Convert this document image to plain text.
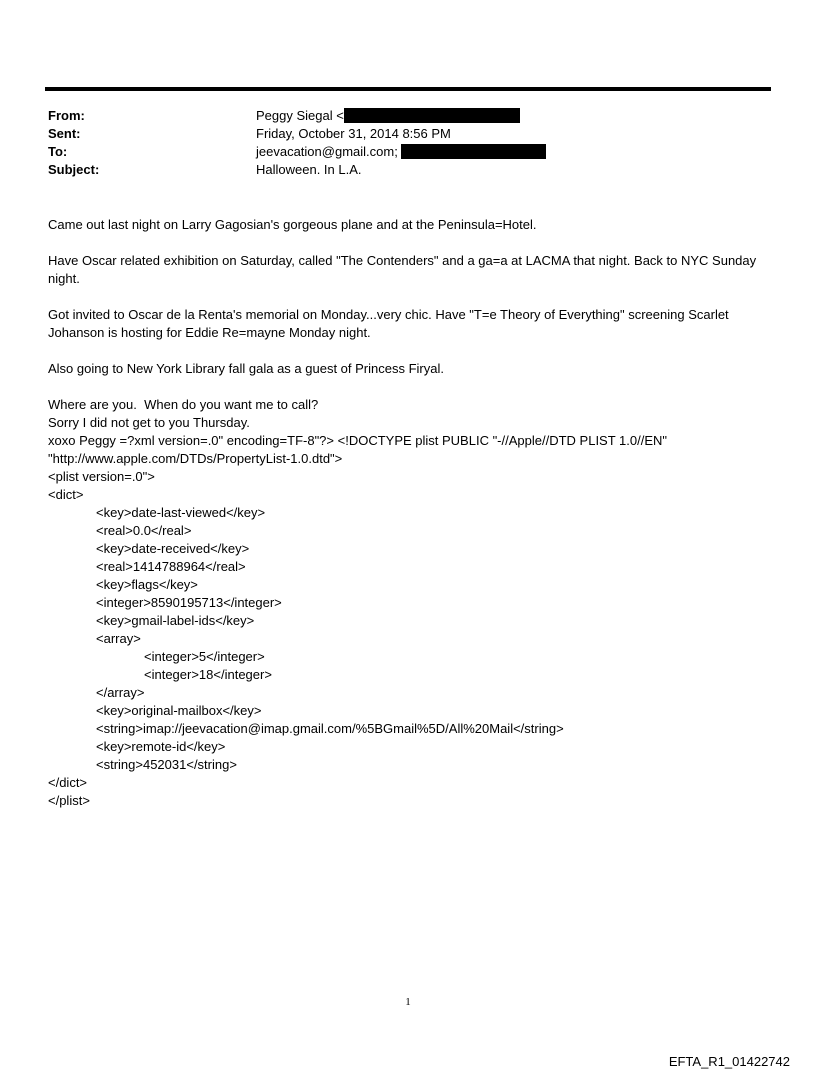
From:	Peggy Siegal <
Sent:	Friday, October 31, 2014 8:56 PM
To:	jeevacation@gmail.com;
Subject:	Halloween. In L.A.

Came out last night on Larry Gagosian's gorgeous plane and at the Peninsula=Hotel.

Have Oscar related exhibition on Saturday, called "The Contenders" and a ga=a at LACMA that night. Back to NYC Sunday night.

Got invited to Oscar de la Renta's memorial on Monday...very chic. Have "T=e Theory of Everything" screening Scarlet Johanson is hosting for Eddie Re=mayne Monday night.

Also going to New York Library fall gala as a guest of Princess Firyal.

Where are you.  When do you want me to call?
Sorry I did not get to you Thursday.
xoxo Peggy =?xml version=.0" encoding=TF-8"?> <!DOCTYPE plist PUBLIC "-//Apple//DTD PLIST 1.0//EN"
"http://www.apple.com/DTDs/PropertyList-1.0.dtd">
<plist version=.0">
<dict>
<key>date-last-viewed</key>
<real>0.0</real>
<key>date-received</key>
<real>1414788964</real>
<key>flags</key>
<integer>8590195713</integer>
<key>gmail-label-ids</key>
<array>
<integer>5</integer>
<integer>18</integer>
</array>
<key>original-mailbox</key>
<string>imap://jeevacation@imap.gmail.com/%5BGmail%5D/All%20Mail</string>
<key>remote-id</key>
<string>452031</string>
</dict>
</plist>
1
EFTA_R1_01422742
